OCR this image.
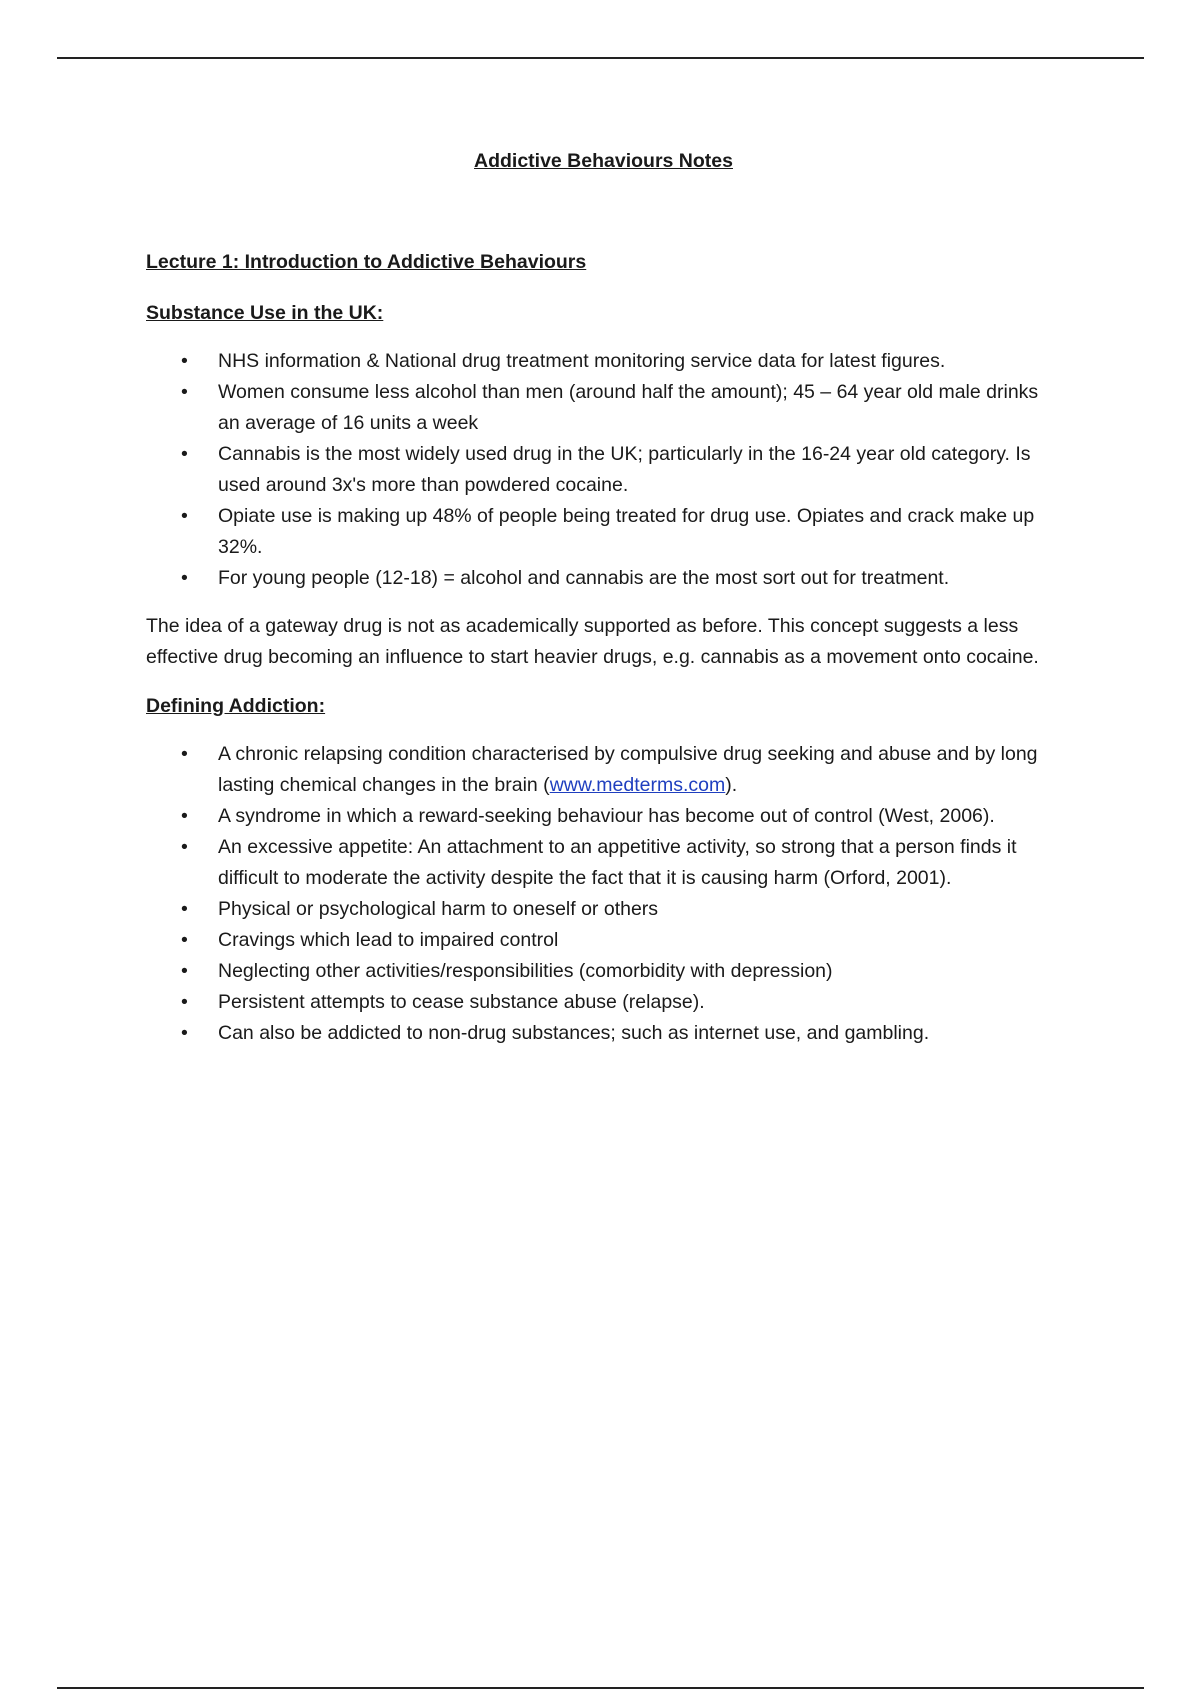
Addictive Behaviours Notes
Lecture 1: Introduction to Addictive Behaviours
Substance Use in the UK:
• NHS information & National drug treatment monitoring service data for latest figures.
• Women consume less alcohol than men (around half the amount); 45 – 64 year old male drinks an average of 16 units a week
• Cannabis is the most widely used drug in the UK; particularly in the 16-24 year old category. Is used around 3x's more than powdered cocaine.
• Opiate use is making up 48% of people being treated for drug use. Opiates and crack make up 32%.
• For young people (12-18) = alcohol and cannabis are the most sort out for treatment.
The idea of a gateway drug is not as academically supported as before. This concept suggests a less effective drug becoming an influence to start heavier drugs, e.g. cannabis as a movement onto cocaine.
Defining Addiction:
• A chronic relapsing condition characterised by compulsive drug seeking and abuse and by long lasting chemical changes in the brain (www.medterms.com).
• A syndrome in which a reward-seeking behaviour has become out of control (West, 2006).
• An excessive appetite: An attachment to an appetitive activity, so strong that a person finds it difficult to moderate the activity despite the fact that it is causing harm (Orford, 2001).
• Physical or psychological harm to oneself or others
• Cravings which lead to impaired control
• Neglecting other activities/responsibilities (comorbidity with depression)
• Persistent attempts to cease substance abuse (relapse).
• Can also be addicted to non-drug substances; such as internet use, and gambling.
